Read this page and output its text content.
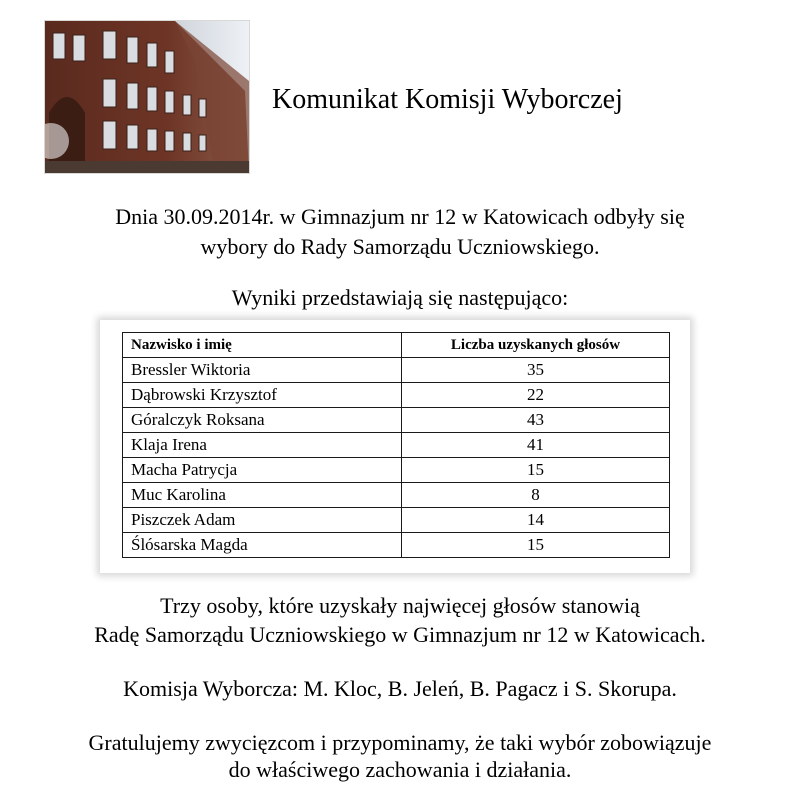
Komunikat Komisji Wyborczej
Dnia 30.09.2014r. w Gimnazjum nr 12 w Katowicach odbyły się
wybory do Rady Samorządu Uczniowskiego.
Wyniki przedstawiają się następująco:
Nazwisko i imię	Liczba uzyskanych głosów
Bressler Wiktoria	35
Dąbrowski Krzysztof	22
Góralczyk Roksana	43
Klaja Irena	41
Macha Patrycja	15
Muc Karolina	8
Piszczek Adam	14
Ślósarska Magda	15
Trzy osoby, które uzyskały najwięcej głosów stanowią
Radę Samorządu Uczniowskiego w Gimnazjum nr 12 w Katowicach.
Komisja Wyborcza: M. Kloc, B. Jeleń, B. Pagacz i S. Skorupa.
Gratulujemy zwycięzcom i przypominamy, że taki wybór zobowiązuje
do właściwego zachowania i działania.
